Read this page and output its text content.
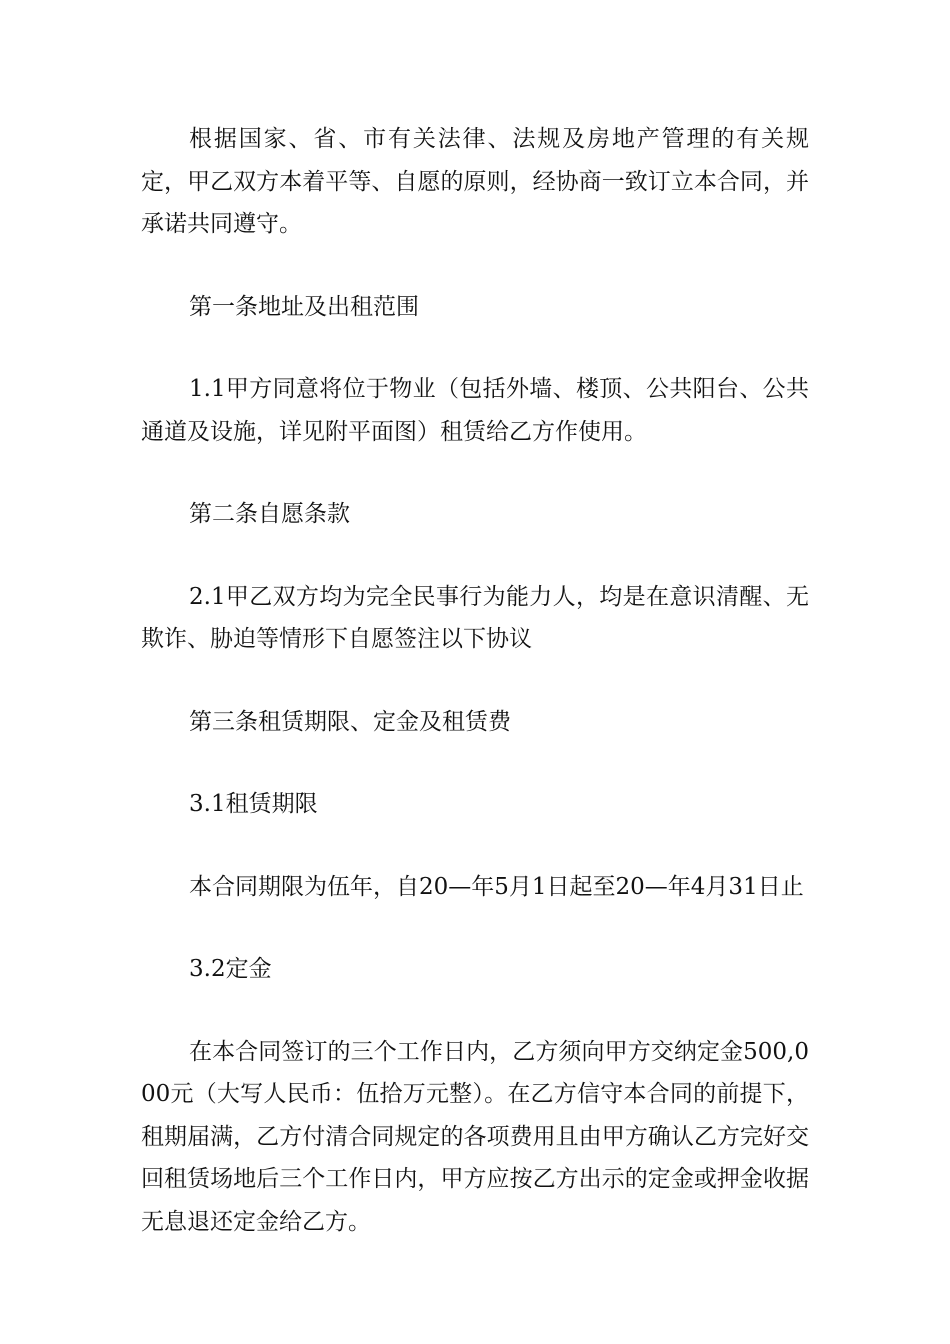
根据国家、省、市有关法律、法规及房地产管理的有关规定，甲乙双方本着平等、自愿的原则，经协商一致订立本合同，并承诺共同遵守。

第一条地址及出租范围

1.1甲方同意将位于物业（包括外墙、楼顶、公共阳台、公共通道及设施，详见附平面图）租赁给乙方作使用。

第二条自愿条款

2.1甲乙双方均为完全民事行为能力人，均是在意识清醒、无欺诈、胁迫等情形下自愿签注以下协议

第三条租赁期限、定金及租赁费

3.1租赁期限

本合同期限为伍年，自20—年5月1日起至20—年4月31日止

3.2定金

在本合同签订的三个工作日内，乙方须向甲方交纳定金500,000元（大写人民币：伍拾万元整）。在乙方信守本合同的前提下，租期届满，乙方付清合同规定的各项费用且由甲方确认乙方完好交回租赁场地后三个工作日内，甲方应按乙方出示的定金或押金收据无息退还定金给乙方。
